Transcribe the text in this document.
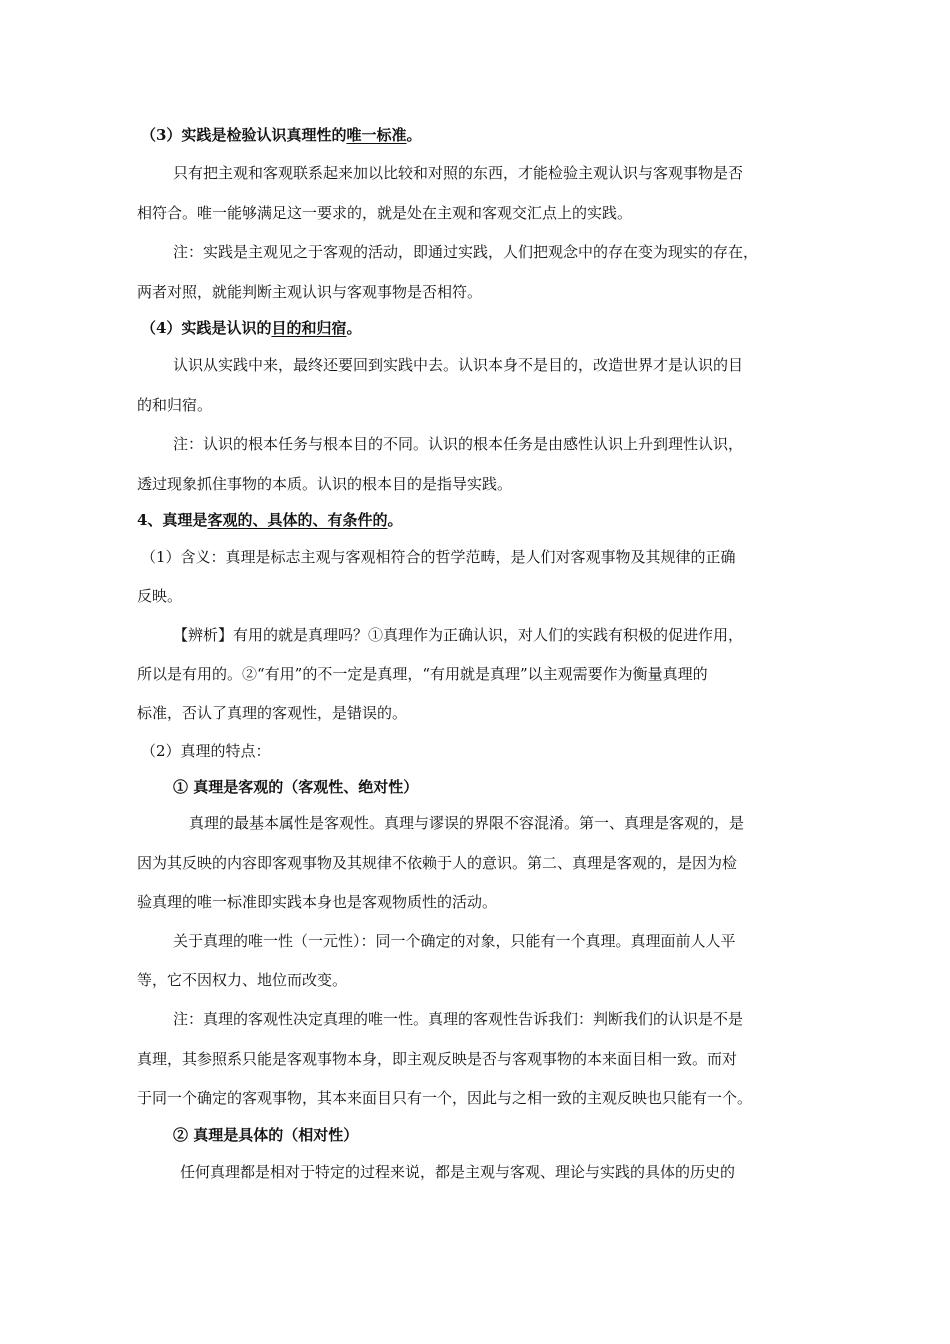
（3）实践是检验认识真理性的唯一标准。
只有把主观和客观联系起来加以比较和对照的东西，才能检验主观认识与客观事物是否
相符合。唯一能够满足这一要求的，就是处在主观和客观交汇点上的实践。
注：实践是主观见之于客观的活动，即通过实践，人们把观念中的存在变为现实的存在，
两者对照，就能判断主观认识与客观事物是否相符。
（4）实践是认识的目的和归宿。
认识从实践中来，最终还要回到实践中去。认识本身不是目的，改造世界才是认识的目
的和归宿。
注：认识的根本任务与根本目的不同。认识的根本任务是由感性认识上升到理性认识，
透过现象抓住事物的本质。认识的根本目的是指导实践。
4、真理是客观的、具体的、有条件的。
（1）含义：真理是标志主观与客观相符合的哲学范畴，是人们对客观事物及其规律的正确
反映。
【辨析】有用的就是真理吗？①真理作为正确认识，对人们的实践有积极的促进作用，
所以是有用的。②“有用”的不一定是真理，“有用就是真理”以主观需要作为衡量真理的
标准，否认了真理的客观性，是错误的。
（2）真理的特点：
① 真理是客观的（客观性、绝对性）
真理的最基本属性是客观性。真理与谬误的界限不容混淆。第一、真理是客观的，是
因为其反映的内容即客观事物及其规律不依赖于人的意识。第二、真理是客观的，是因为检
验真理的唯一标准即实践本身也是客观物质性的活动。
关于真理的唯一性（一元性）：同一个确定的对象，只能有一个真理。真理面前人人平
等，它不因权力、地位而改变。
注：真理的客观性决定真理的唯一性。真理的客观性告诉我们：判断我们的认识是不是
真理，其参照系只能是客观事物本身，即主观反映是否与客观事物的本来面目相一致。而对
于同一个确定的客观事物，其本来面目只有一个，因此与之相一致的主观反映也只能有一个。
② 真理是具体的（相对性）
任何真理都是相对于特定的过程来说，都是主观与客观、理论与实践的具体的历史的
